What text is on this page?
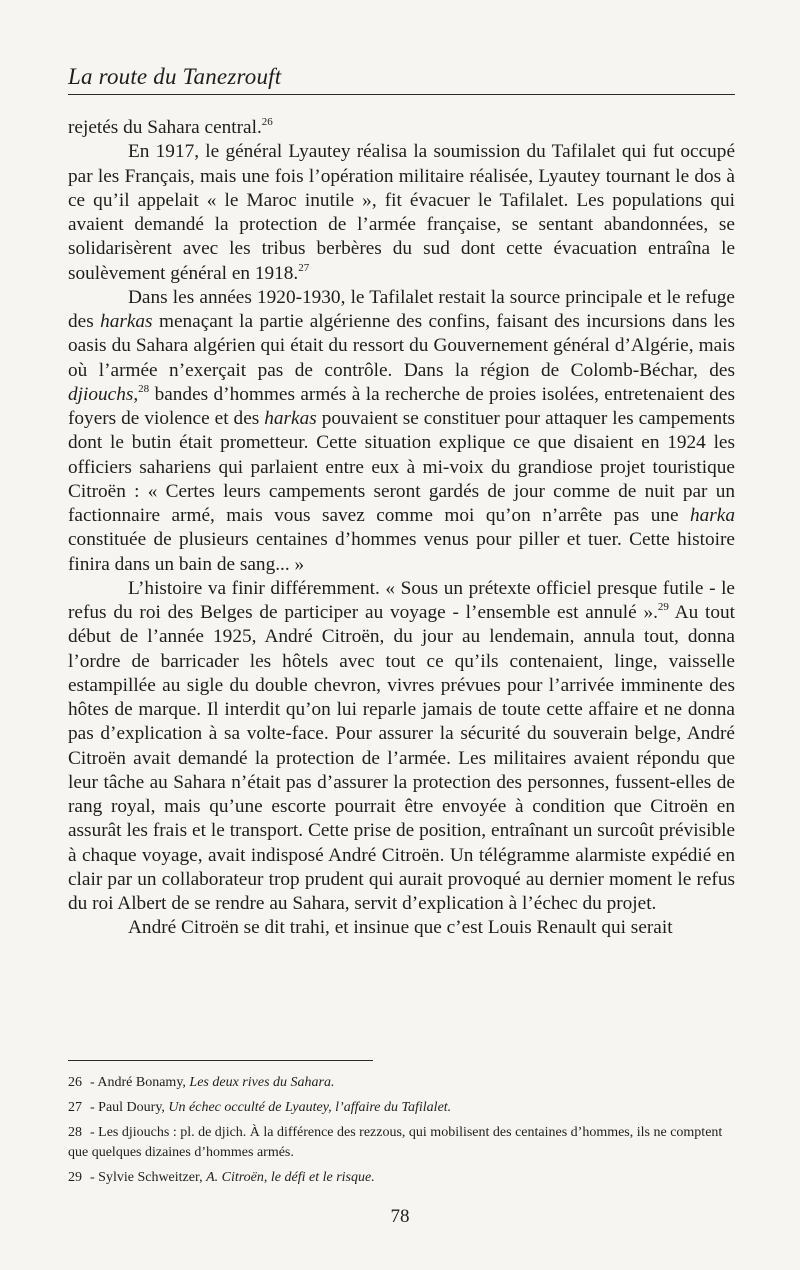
La route du Tanezrouft

rejetés du Sahara central.$^{26}$

En 1917, le général Lyautey réalisa la soumission du Tafilalet qui fut occupé par les Français, mais une fois l’opération militaire réalisée, Lyautey tournant le dos à ce qu’il appelait « le Maroc inutile », fit évacuer le Tafilalet. Les populations qui avaient demandé la protection de l’armée française, se sentant abandonnées, se solidarisèrent avec les tribus berbères du sud dont cette évacuation entraîna le soulèvement général en 1918.27

Dans les années 1920-1930, le Tafilalet restait la source principale et le refuge des harkas menaçant la partie algérienne des confins, faisant des incursions dans les oasis du Sahara algérien qui était du ressort du Gouvernement général d’Algérie, mais où l’armée n’exerçait pas de contrôle. Dans la région de Colomb-Béchar, des djiouchs,$^{28}$ bandes d’hommes armés à la recherche de proies isolées, entretenaient des foyers de violence et des harkas pouvaient se constituer pour attaquer les campements dont le butin était prometteur. Cette situation explique ce que disaient en 1924 les officiers sahariens qui parlaient entre eux à mi-voix du grandiose projet touristique Citroën : « Certes leurs campements seront gardés de jour comme de nuit par un factionnaire armé, mais vous savez comme moi qu’on n’arrête pas une harka constituée de plusieurs centaines d’hommes venus pour piller et tuer. Cette histoire finira dans un bain de sang... »

L’histoire va finir différemment. « Sous un prétexte officiel presque futile - le refus du roi des Belges de participer au voyage - l’ensemble est annulé ».$^{29}$ Au tout début de l’année 1925, André Citroën, du jour au lendemain, annula tout, donna l’ordre de barricader les hôtels avec tout ce qu’ils contenaient, linge, vaisselle estampillée au sigle du double chevron, vivres prévues pour l’arrivée imminente des hôtes de marque. Il interdit qu’on lui reparle jamais de toute cette affaire et ne donna pas d’explication à sa volte-face. Pour assurer la sécurité du souverain belge, André Citroën avait demandé la protection de l’armée. Les militaires avaient répondu que leur tâche au Sahara n’était pas d’assurer la protection des personnes, fussent-elles de rang royal, mais qu’une escorte pourrait être envoyée à condition que Citroën en assurât les frais et le transport. Cette prise de position, entraînant un surcoût prévisible à chaque voyage, avait indisposé André Citroën. Un télégramme alarmiste expédié en clair par un collaborateur trop prudent qui aurait provoqué au dernier moment le refus du roi Albert de se rendre au Sahara, servit d’explication à l’échec du projet.

André Citroën se dit trahi, et insinue que c’est Louis Renault qui serait

26 - André Bonamy, Les deux rives du Sahara.
27 - Paul Doury, Un échec occulté de Lyautey, l’affaire du Tafilalet.
28 - Les djiouchs : pl. de djich. À la différence des rezzous, qui mobilisent des centaines d’hommes, ils ne comptent que quelques dizaines d’hommes armés.
29 - Sylvie Schweitzer, A. Citroën, le défi et le risque.
78
